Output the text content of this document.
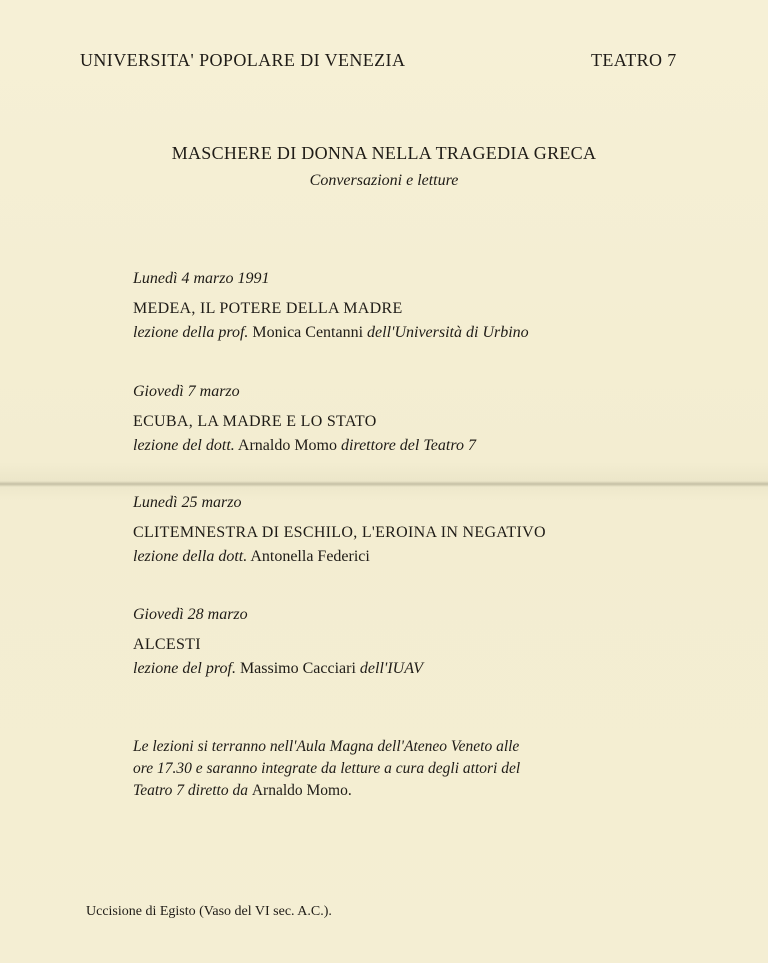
UNIVERSITA' POPOLARE DI VENEZIA	TEATRO 7
MASCHERE DI DONNA NELLA TRAGEDIA GRECA
Conversazioni e letture
Lunedì 4 marzo 1991
MEDEA, IL POTERE DELLA MADRE
lezione della prof. Monica Centanni dell'Università di Urbino
Giovedì 7 marzo
ECUBA, LA MADRE E LO STATO
lezione del dott. Arnaldo Momo direttore del Teatro 7
Lunedì 25 marzo
CLITEMNESTRA DI ESCHILO, L'EROINA IN NEGATIVO
lezione della dott. Antonella Federici
Giovedì 28 marzo
ALCESTI
lezione del prof. Massimo Cacciari dell'IUAV
Le lezioni si terranno nell'Aula Magna dell'Ateneo Veneto alle
ore 17.30 e saranno integrate da letture a cura degli attori del
Teatro 7 diretto da Arnaldo Momo.
Uccisione di Egisto (Vaso del VI sec. A.C.).
